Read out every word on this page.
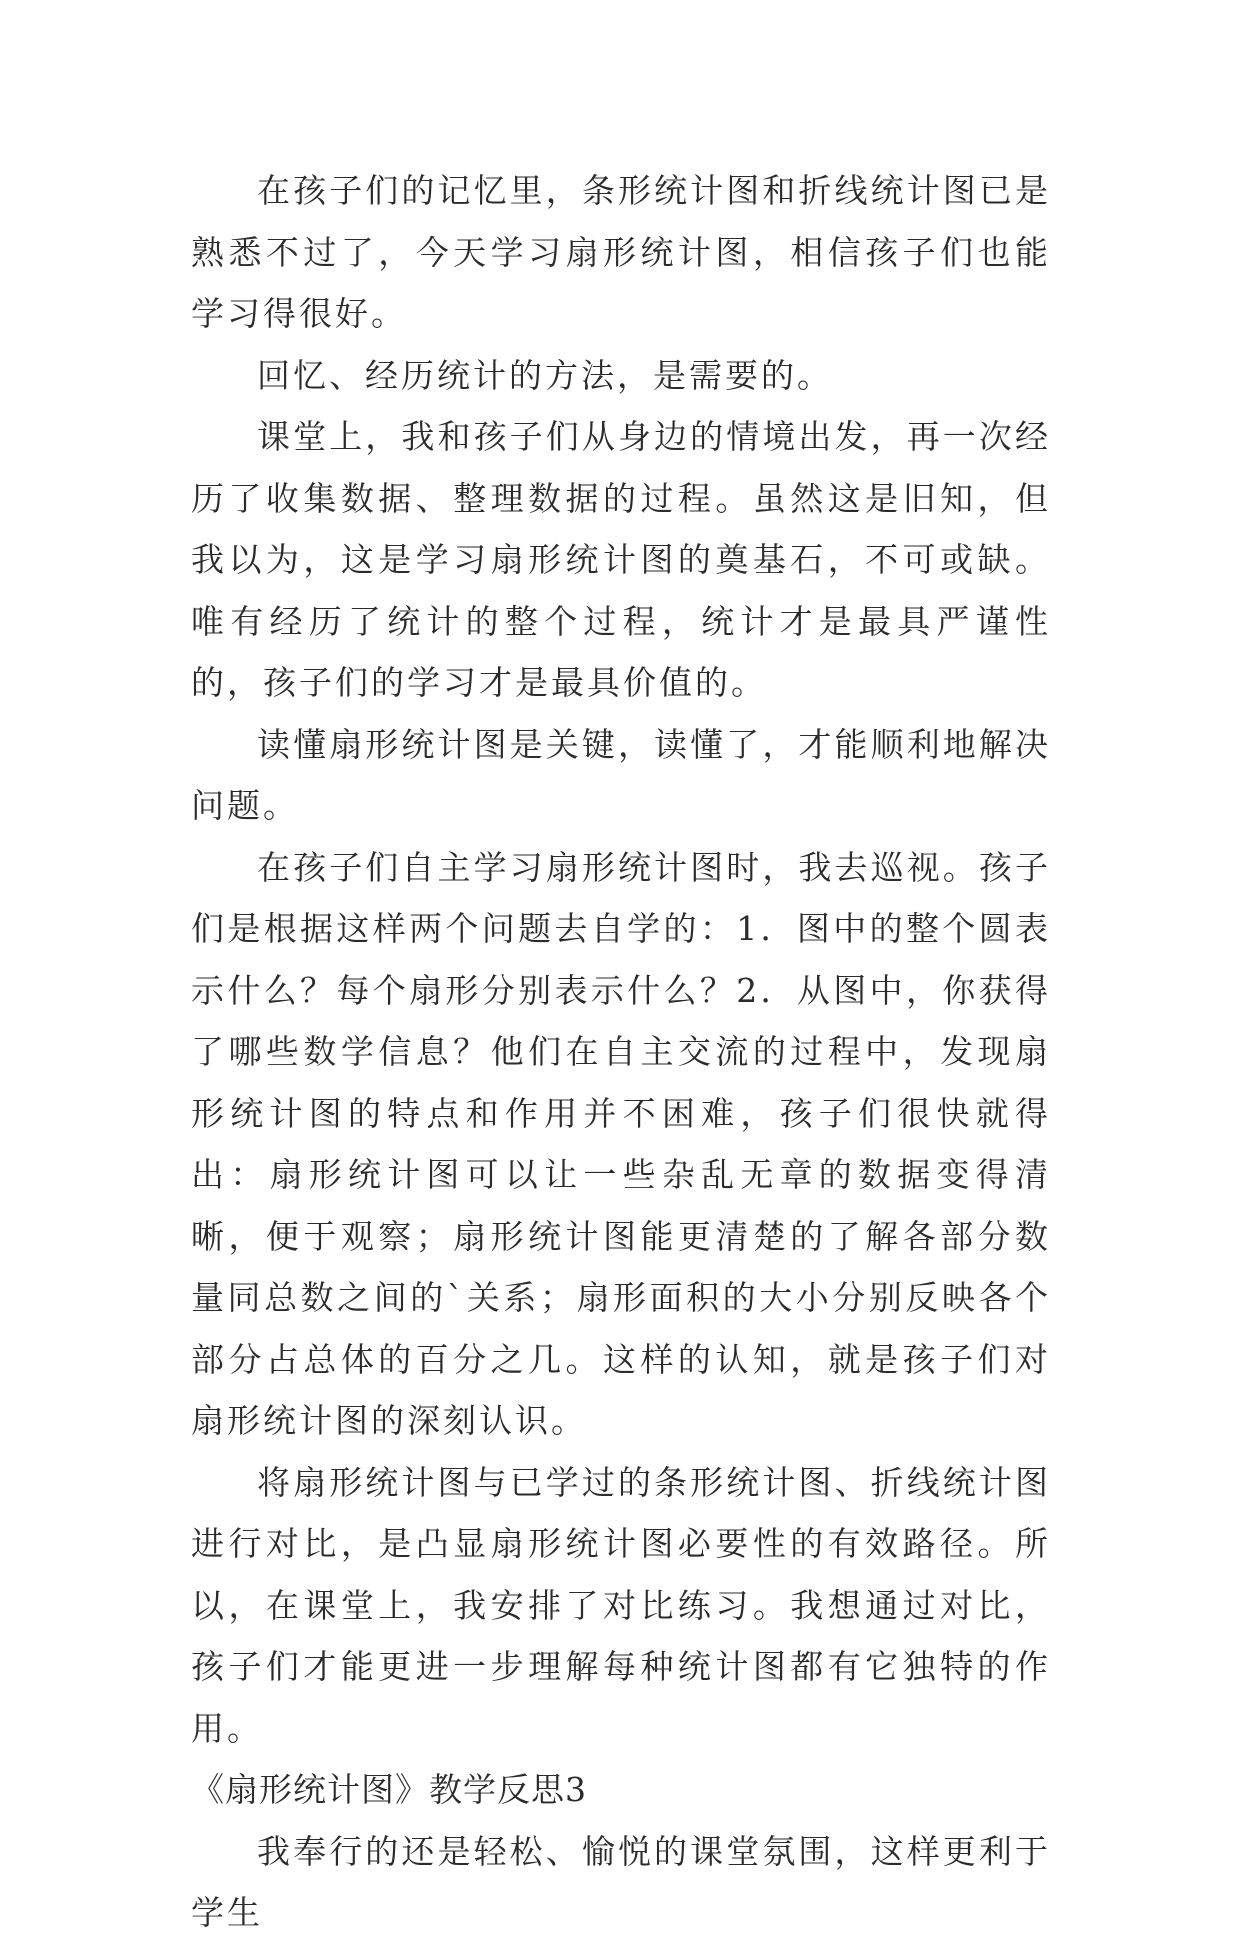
在孩子们的记忆里，条形统计图和折线统计图已是熟悉不过了，今天学习扇形统计图，相信孩子们也能学习得很好。

回忆、经历统计的方法，是需要的。

课堂上，我和孩子们从身边的情境出发，再一次经历了收集数据、整理数据的过程。虽然这是旧知，但我以为，这是学习扇形统计图的奠基石，不可或缺。唯有经历了统计的整个过程，统计才是最具严谨性的，孩子们的学习才是最具价值的。

读懂扇形统计图是关键，读懂了，才能顺利地解决问题。

在孩子们自主学习扇形统计图时，我去巡视。孩子们是根据这样两个问题去自学的：1．图中的整个圆表示什么？每个扇形分别表示什么？2．从图中，你获得了哪些数学信息？他们在自主交流的过程中，发现扇形统计图的特点和作用并不困难，孩子们很快就得出：扇形统计图可以让一些杂乱无章的数据变得清晰，便于观察；扇形统计图能更清楚的了解各部分数量同总数之间的`关系；扇形面积的大小分别反映各个部分占总体的百分之几。这样的认知，就是孩子们对扇形统计图的深刻认识。

将扇形统计图与已学过的条形统计图、折线统计图进行对比，是凸显扇形统计图必要性的有效路径。所以，在课堂上，我安排了对比练习。我想通过对比，孩子们才能更进一步理解每种统计图都有它独特的作用。

《扇形统计图》教学反思3

我奉行的还是轻松、愉悦的课堂氛围，这样更利于学生
